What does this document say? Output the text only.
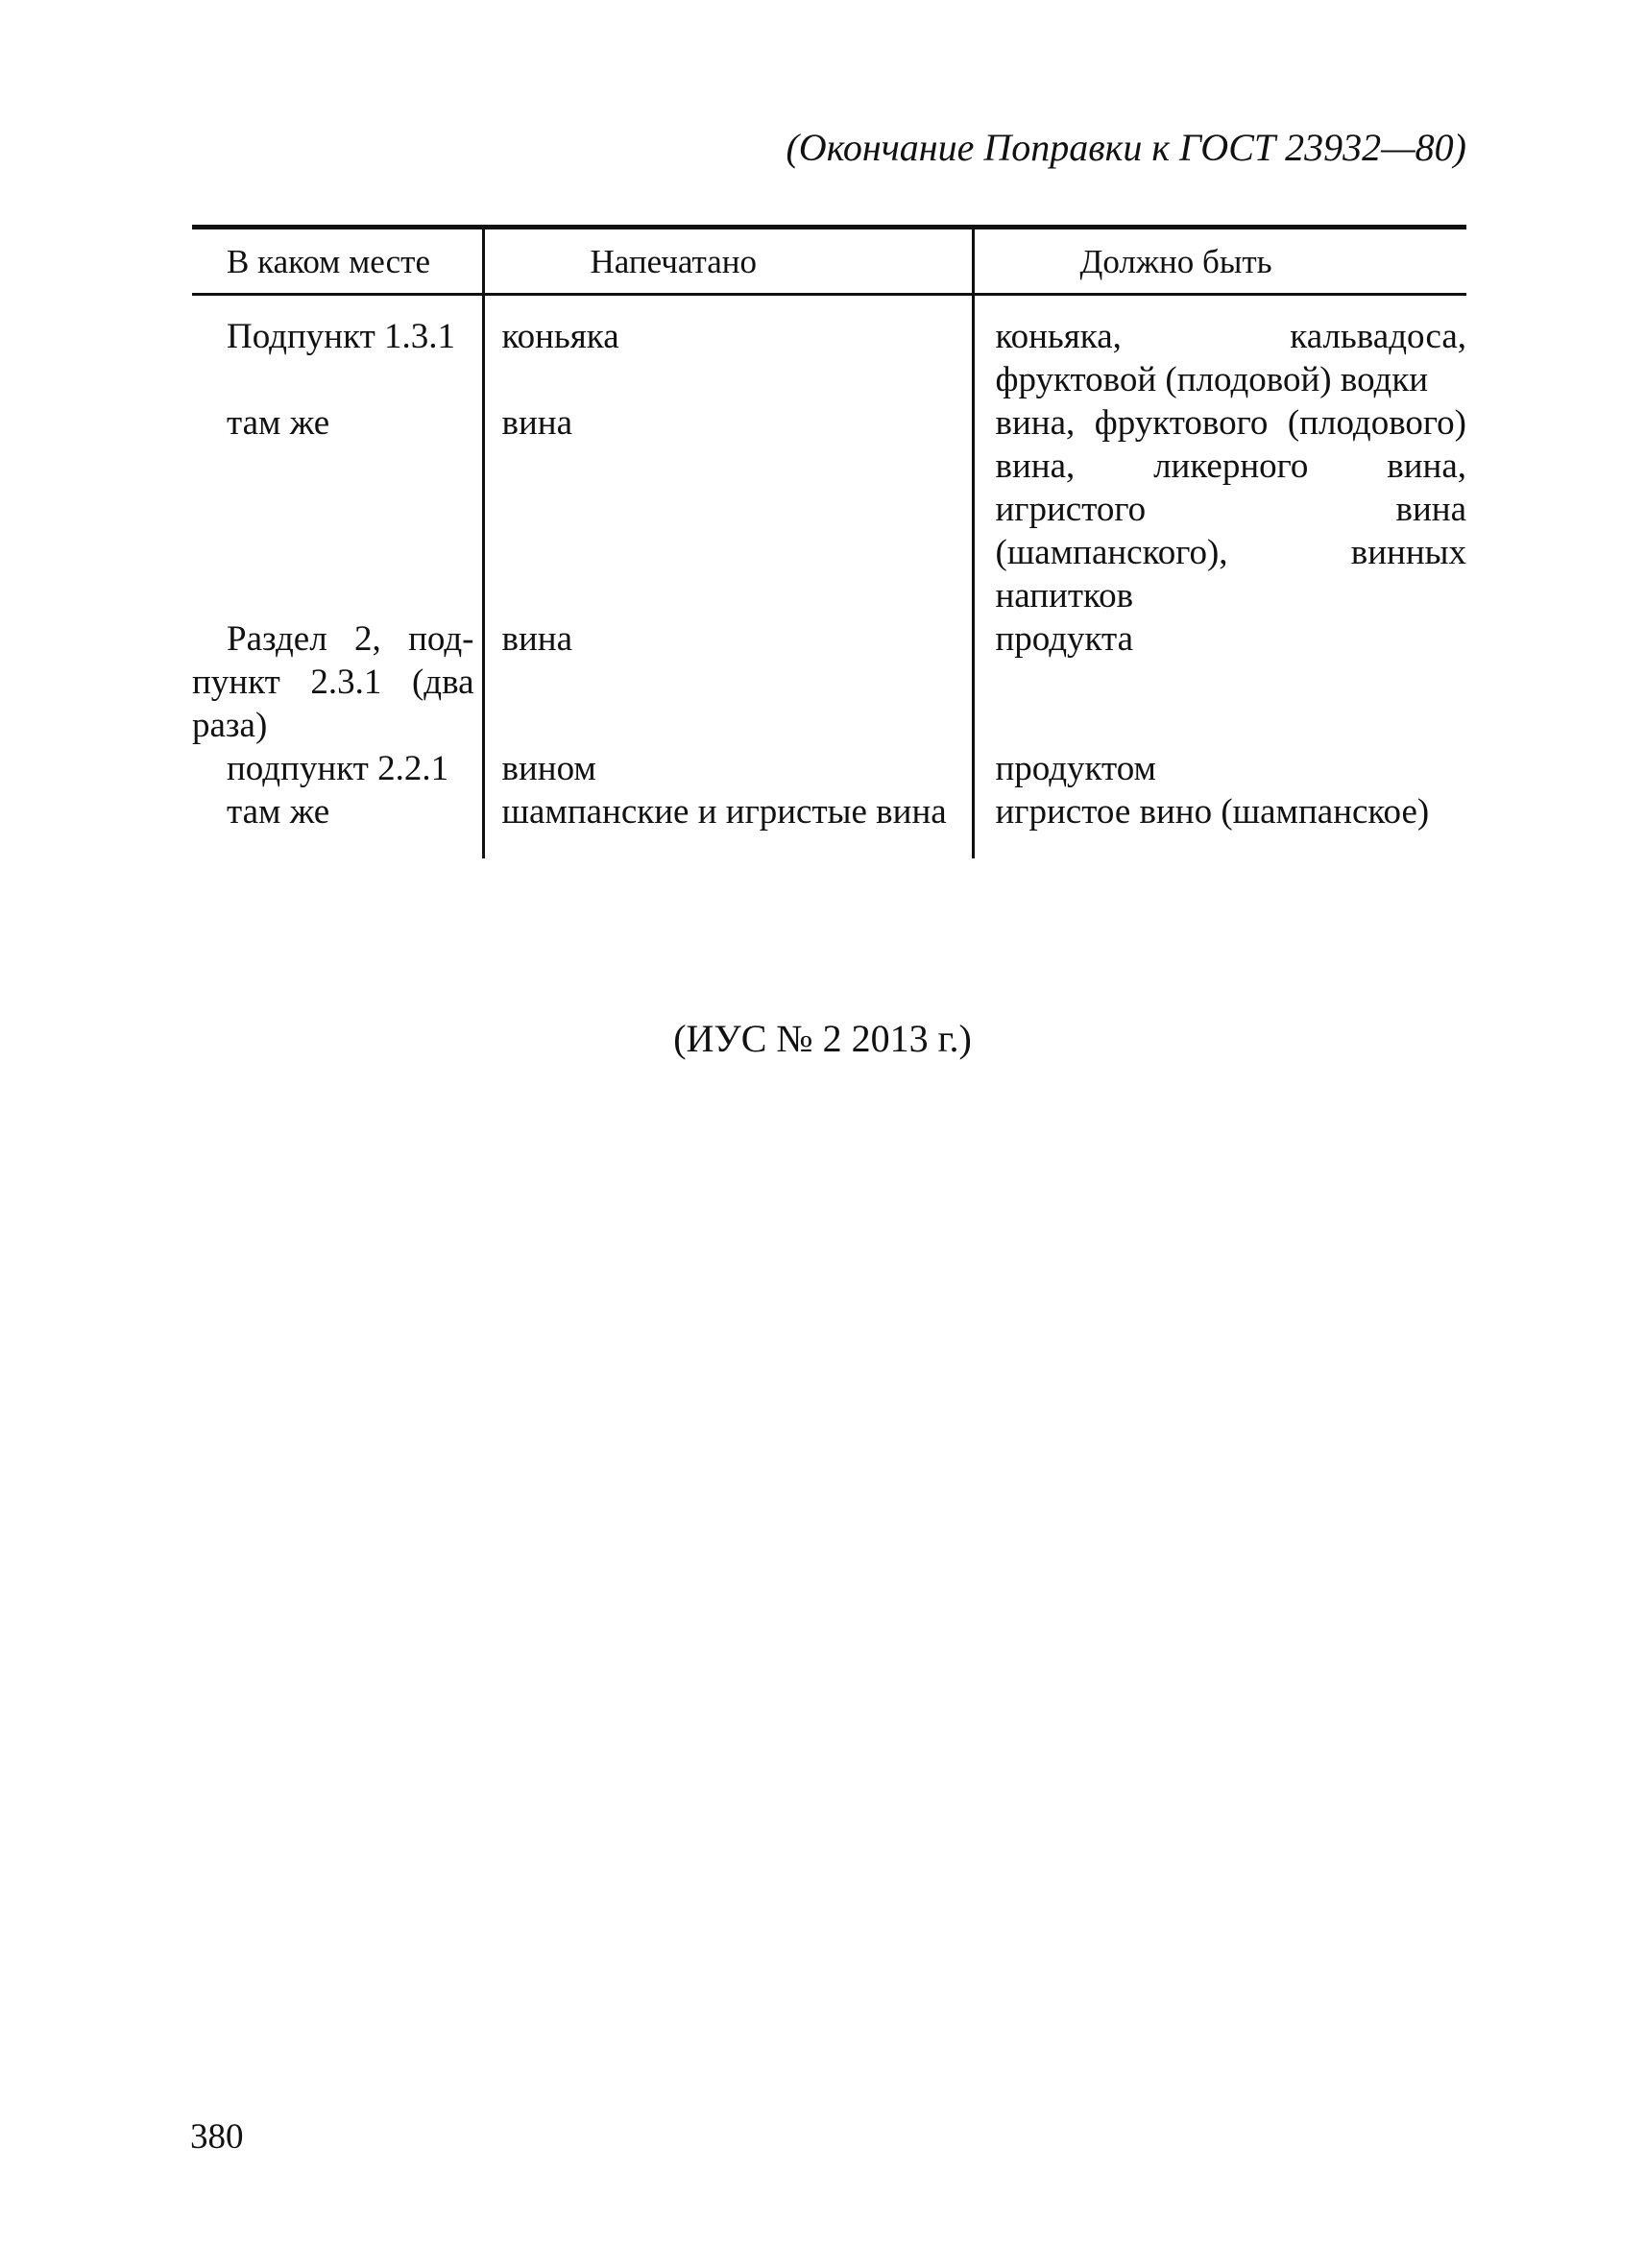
(Окончание Поправки к ГОСТ 23932—80)
В каком месте	Напечатано	Должно быть
Подпункт 1.3.1	коньяка	коньяка, кальвадоса, фруктовой (плодовой) водки
там же	вина	вина, фруктового (плодового) вина, ликерного вина, игристого вина (шампанского), винных напитков

Раздел 2, подпункт 2.3.1 (два раза)	вина	продукта
подпункт 2.2.1	вином	продуктом
там же	шампанские и игристые вина	игристое вино (шампанское)
(ИУС № 2 2013 г.)
380
